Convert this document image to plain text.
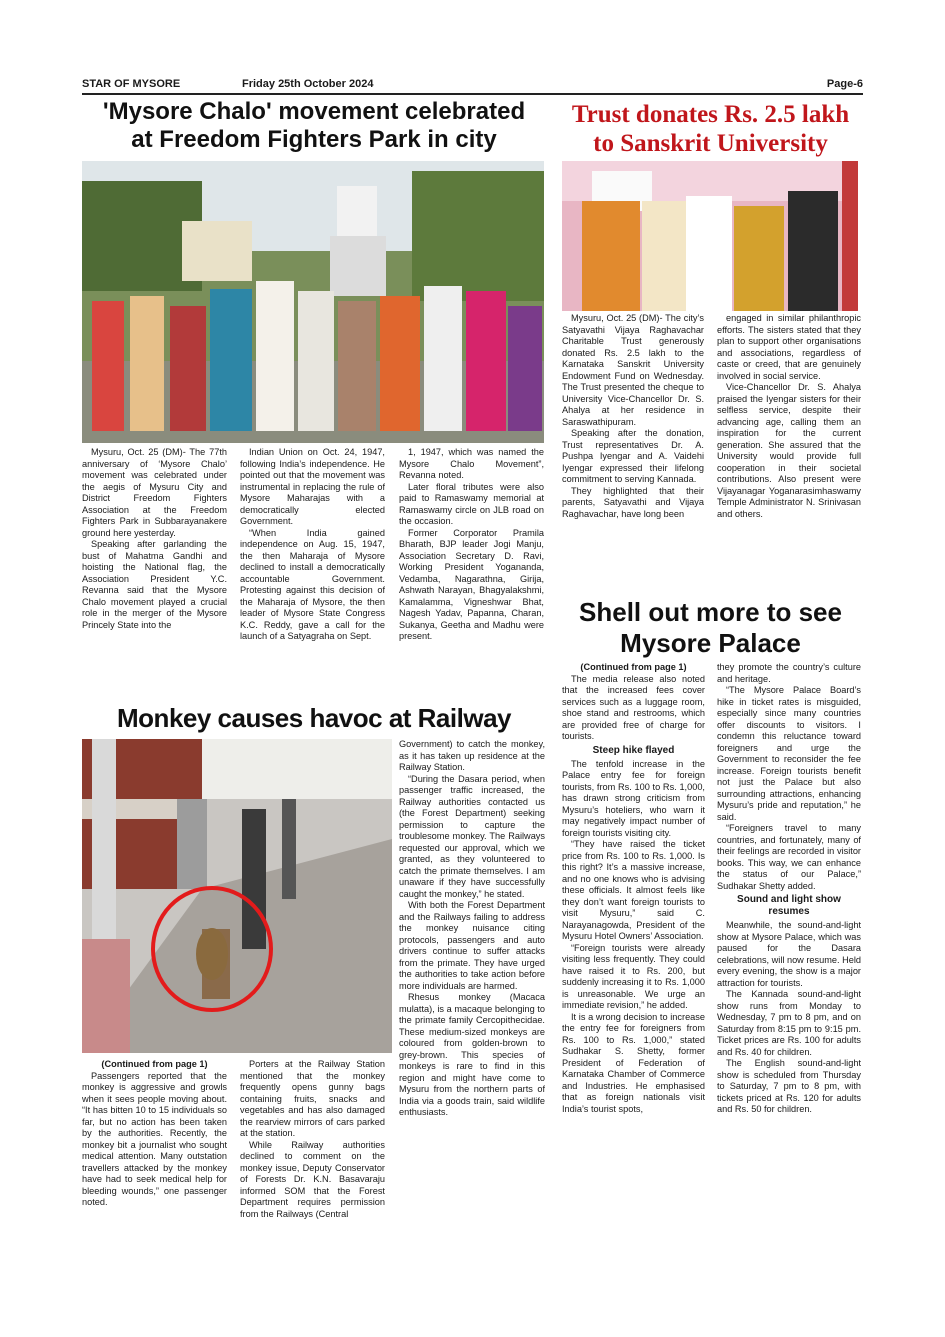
STAR OF MYSORE	Friday 25th October 2024	Page-6
'Mysore Chalo' movement celebrated
at Freedom Fighters Park in city

Mysuru, Oct. 25 (DM)- The 77th anniversary of ‘Mysore Chalo’ movement was celebrated under the aegis of Mysuru City and District Freedom Fighters Association at the Freedom Fighters Park in Subbarayanakere ground here yesterday.

Speaking after garlanding the bust of Mahatma Gandhi and hoisting the National flag, the Association President Y.C. Revanna said that the Mysore Chalo movement played a crucial role in the merger of the Mysore Princely State into the

Indian Union on Oct. 24, 1947, following India’s independence. He pointed out that the movement was instrumental in replacing the rule of Mysore Maharajas with a democratically elected Government.

“When India gained independence on Aug. 15, 1947, the then Maharaja of Mysore declined to install a democratically accountable Government. Protesting against this decision of the Maharaja of Mysore, the then leader of Mysore State Congress K.C. Reddy, gave a call for the launch of a Satyagraha on Sept.

1, 1947, which was named the Mysore Chalo Movement”, Revanna noted.

Later floral tributes were also paid to Ramaswamy memorial at Ramaswamy circle on JLB road on the occasion.

Former Corporator Pramila Bharath, BJP leader Jogi Manju, Association Secretary D. Ravi, Working President Yogananda, Vedamba, Nagarathna, Girija, Ashwath Narayan, Bhagyalakshmi, Kamalamma, Vigneshwar Bhat, Nagesh Yadav, Papanna, Charan, Sukanya, Geetha and Madhu were present.

Trust donates Rs. 2.5 lakh
to Sanskrit University

Mysuru, Oct. 25 (DM)- The city’s Satyavathi Vijaya Raghavachar Charitable Trust generously donated Rs. 2.5 lakh to the Karnataka Sanskrit University Endowment Fund on Wednesday. The Trust presented the cheque to University Vice-Chancellor Dr. S. Ahalya at her residence in Saraswathipuram.

Speaking after the donation, Trust representatives Dr. A. Pushpa Iyengar and A. Vaidehi Iyengar expressed their lifelong commitment to serving Kannada.

They highlighted that their parents, Satyavathi and Vijaya Raghavachar, have long been

engaged in similar philanthropic efforts. The sisters stated that they plan to support other organisations and associations, regardless of caste or creed, that are genuinely involved in social service.

Vice-Chancellor Dr. S. Ahalya praised the Iyengar sisters for their selfless service, despite their advancing age, calling them an inspiration for the current generation. She assured that the University would provide full cooperation in their societal contributions. Also present were Vijayanagar Yoganarasimhaswamy Temple Administrator N. Srinivasan and others.

Shell out more to see
Mysore Palace

(Continued from page 1)

The media release also noted that the increased fees cover services such as a luggage room, shoe stand and restrooms, which are provided free of charge for tourists.

Steep hike flayed

The tenfold increase in the Palace entry fee for foreign tourists, from Rs. 100 to Rs. 1,000, has drawn strong criticism from Mysuru’s hoteliers, who warn it may negatively impact number of foreign tourists visiting city.

“They have raised the ticket price from Rs. 100 to Rs. 1,000. Is this right? It’s a massive increase, and no one knows who is advising these officials. It almost feels like they don’t want foreign tourists to visit Mysuru,” said C. Narayanagowda, President of the Mysuru Hotel Owners’ Association.

“Foreign tourists were already visiting less frequently. They could have raised it to Rs. 200, but suddenly increasing it to Rs. 1,000 is unreasonable. We urge an immediate revision,” he added.

It is a wrong decision to increase the entry fee for foreigners from Rs. 100 to Rs. 1,000,” stated Sudhakar S. Shetty, former President of Federation of Karnataka Chamber of Commerce and Industries. He emphasised that as foreign nationals visit India’s tourist spots,

they promote the country’s culture and heritage.

“The Mysore Palace Board’s hike in ticket rates is misguided, especially since many countries offer discounts to visitors. I condemn this reluctance toward foreigners and urge the Government to reconsider the fee increase. Foreign tourists benefit not just the Palace but also surrounding attractions, enhancing Mysuru’s pride and reputation,” he said.

“Foreigners travel to many countries, and fortunately, many of their feelings are recorded in visitor books. This way, we can enhance the status of our Palace,” Sudhakar Shetty added.

Sound and light show
resumes

Meanwhile, the sound-and-light show at Mysore Palace, which was paused for the Dasara celebrations, will now resume. Held every evening, the show is a major attraction for tourists.

The Kannada sound-and-light show runs from Monday to Wednesday, 7 pm to 8 pm, and on Saturday from 8:15 pm to 9:15 pm. Ticket prices are Rs. 100 for adults and Rs. 40 for children.

The English sound-and-light show is scheduled from Thursday to Saturday, 7 pm to 8 pm, with tickets priced at Rs. 120 for adults and Rs. 50 for children.

Monkey causes havoc at Railway

(Continued from page 1)

Passengers reported that the monkey is aggressive and growls when it sees people moving about. “It has bitten 10 to 15 individuals so far, but no action has been taken by the authorities. Recently, the monkey bit a journalist who sought medical attention. Many outstation travellers attacked by the monkey have had to seek medical help for bleeding wounds,” one passenger noted.

Porters at the Railway Station mentioned that the monkey frequently opens gunny bags containing fruits, snacks and vegetables and has also damaged the rearview mirrors of cars parked at the station.

While Railway authorities declined to comment on the monkey issue, Deputy Conservator of Forests Dr. K.N. Basavaraju informed SOM that the Forest Department requires permission from the Railways (Central

Government) to catch the monkey, as it has taken up residence at the Railway Station.

“During the Dasara period, when passenger traffic increased, the Railway authorities contacted us (the Forest Department) seeking permission to capture the troublesome monkey. The Railways requested our approval, which we granted, as they volunteered to catch the primate themselves. I am unaware if they have successfully caught the monkey,” he stated.

With both the Forest Department and the Railways failing to address the monkey nuisance citing protocols, passengers and auto drivers continue to suffer attacks from the primate. They have urged the authorities to take action before more individuals are harmed.

Rhesus monkey (Macaca mulatta), is a macaque belonging to the primate family Cercopithecidae. These medium-sized monkeys are coloured from golden-brown to grey-brown. This species of monkeys is rare to find in this region and might have come to Mysuru from the northern parts of India via a goods train, said wildlife enthusiasts.
